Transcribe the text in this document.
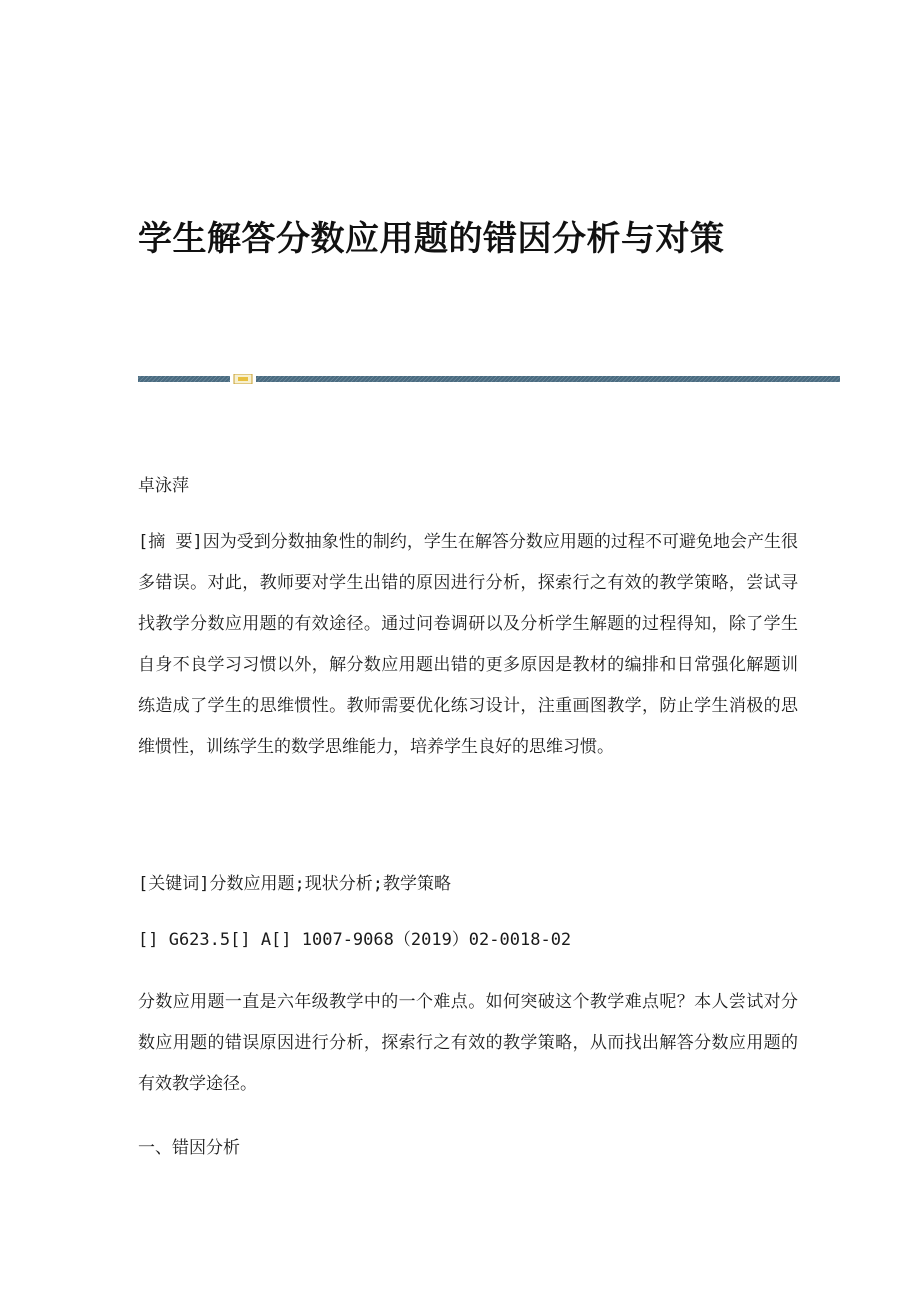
学生解答分数应用题的错因分析与对策

卓泳萍

[摘 要]因为受到分数抽象性的制约，学生在解答分数应用题的过程不可避免地会产生很多错误。对此，教师要对学生出错的原因进行分析，探索行之有效的教学策略，尝试寻找教学分数应用题的有效途径。通过问卷调研以及分析学生解题的过程得知，除了学生自身不良学习习惯以外，解分数应用题出错的更多原因是教材的编排和日常强化解题训练造成了学生的思维惯性。教师需要优化练习设计，注重画图教学，防止学生消极的思维惯性，训练学生的数学思维能力，培养学生良好的思维习惯。

[关键词]分数应用题;现状分析;教学策略

[] G623.5[] A[] 1007-9068（2019）02-0018-02

分数应用题一直是六年级教学中的一个难点。如何突破这个教学难点呢？本人尝试对分数应用题的错误原因进行分析，探索行之有效的教学策略，从而找出解答分数应用题的有效教学途径。

一、错因分析
